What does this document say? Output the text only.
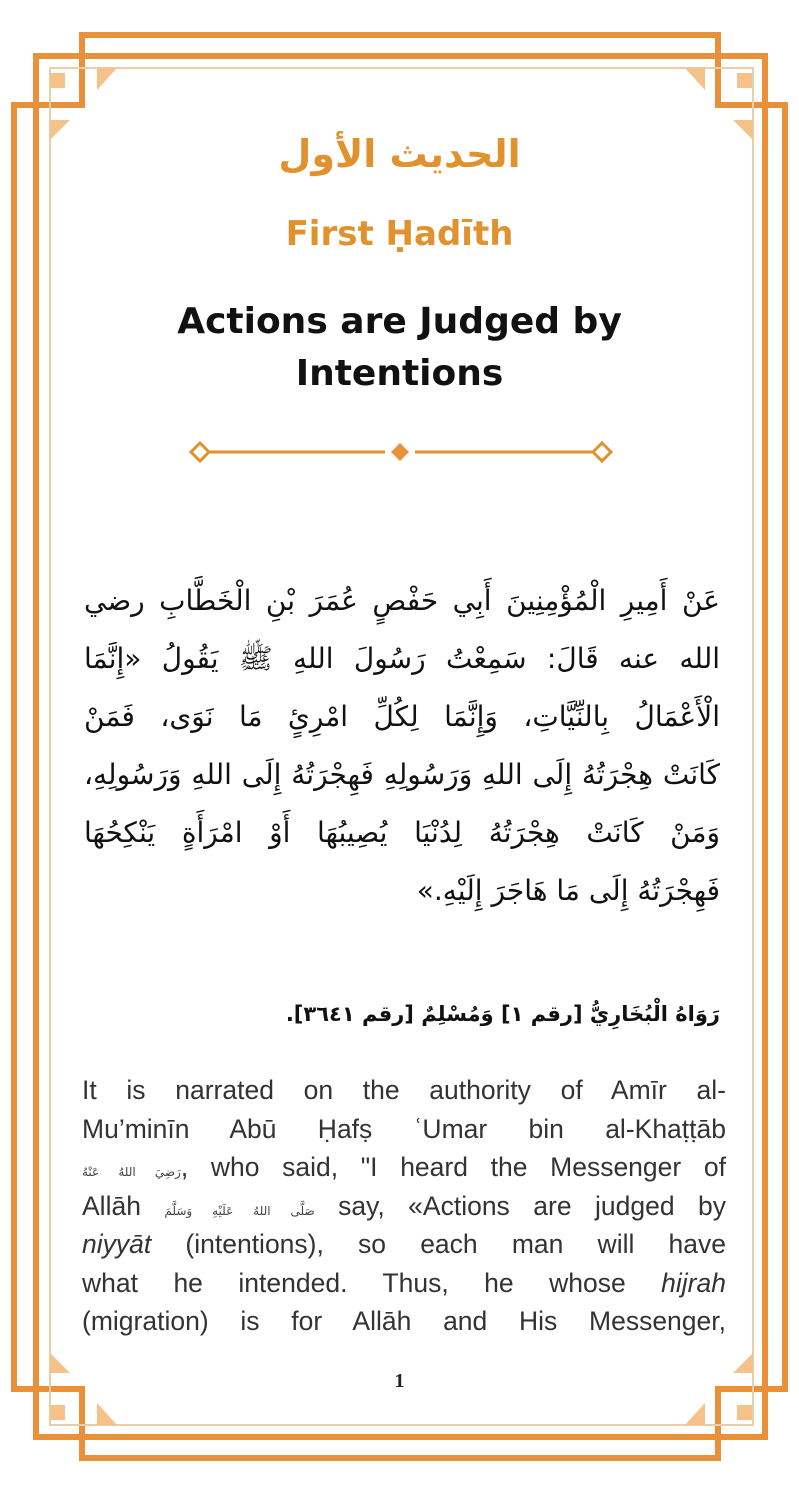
الحديث الأول
First Ḥadīth
Actions are Judged by
Intentions
عَنْ أَمِيرِ الْمُؤْمِنِينَ أَبِي حَفْصٍ عُمَرَ بْنِ الْخَطَّابِ رضي
الله عنه قَالَ: سَمِعْتُ رَسُولَ اللهِ ﷺ يَقُولُ «إِنَّمَا
الْأَعْمَالُ بِالنِّيَّاتِ، وَإِنَّمَا لِكُلِّ امْرِئٍ مَا نَوَى، فَمَنْ
كَانَتْ هِجْرَتُهُ إِلَى اللهِ وَرَسُولِهِ فَهِجْرَتُهُ إِلَى اللهِ وَرَسُولِهِ،
وَمَنْ كَانَتْ هِجْرَتُهُ لِدُنْيَا يُصِيبُهَا أَوْ امْرَأَةٍ يَنْكِحُهَا
فَهِجْرَتُهُ إِلَى مَا هَاجَرَ إِلَيْهِ.»
رَوَاهُ الْبُخَارِيُّ [رقم ١] وَمُسْلِمٌ [رقم ٣٦٤١].
It is narrated on the authority of Amīr al-
Mu’minīn Abū Ḥafṣ ʿUmar bin al-Khaṭṭāb
رَضِيَ اللهُ عَنْهُ, who said, "I heard the Messenger of
Allāh صَلَّى اللهُ عَلَيْهِ وَسَلَّمَ say, «Actions are judged by
niyyāt (intentions), so each man will have
what he intended. Thus, he whose hijrah
(migration) is for Allāh and His Messenger,
1
